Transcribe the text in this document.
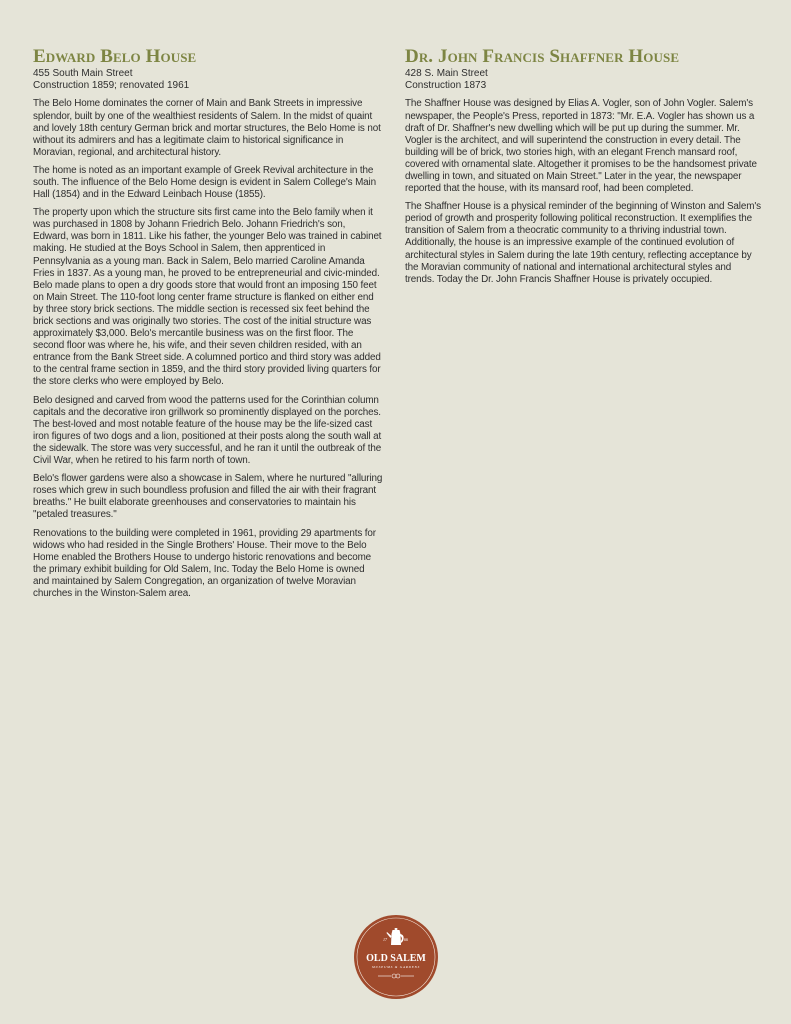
Edward Belo House
455 South Main Street
Construction 1859; renovated 1961

The Belo Home dominates the corner of Main and Bank Streets in impressive splendor, built by one of the wealthiest residents of Salem. In the midst of quaint and lovely 18th century German brick and mortar structures, the Belo Home is not without its admirers and has a legitimate claim to historical significance in Moravian, regional, and architectural history.

The home is noted as an important example of Greek Revival architecture in the south. The influence of the Belo Home design is evident in Salem College's Main Hall (1854) and in the Edward Leinbach House (1855).

The property upon which the structure sits first came into the Belo family when it was purchased in 1808 by Johann Friedrich Belo. Johann Friedrich's son, Edward, was born in 1811. Like his father, the younger Belo was trained in cabinet making. He studied at the Boys School in Salem, then apprenticed in Pennsylvania as a young man. Back in Salem, Belo married Caroline Amanda Fries in 1837. As a young man, he proved to be entrepreneurial and civic-minded. Belo made plans to open a dry goods store that would front an imposing 150 feet on Main Street. The 110-foot long center frame structure is flanked on either end by three story brick sections. The middle section is recessed six feet behind the brick sections and was originally two stories. The cost of the initial structure was approximately $3,000. Belo's mercantile business was on the first floor. The second floor was where he, his wife, and their seven children resided, with an entrance from the Bank Street side. A columned portico and third story was added to the central frame section in 1859, and the third story provided living quarters for the store clerks who were employed by Belo.

Belo designed and carved from wood the patterns used for the Corinthian column capitals and the decorative iron grillwork so prominently displayed on the porches. The best-loved and most notable feature of the house may be the life-sized cast iron figures of two dogs and a lion, positioned at their posts along the south wall at the sidewalk. The store was very successful, and he ran it until the outbreak of the Civil War, when he retired to his farm north of town.

Belo's flower gardens were also a showcase in Salem, where he nurtured "alluring roses which grew in such boundless profusion and filled the air with their fragrant breaths." He built elaborate greenhouses and conservatories to maintain his "petaled treasures."

Renovations to the building were completed in 1961, providing 29 apartments for widows who had resided in the Single Brothers' House. Their move to the Belo Home enabled the Brothers House to undergo historic renovations and become the primary exhibit building for Old Salem, Inc. Today the Belo Home is owned and maintained by Salem Congregation, an organization of twelve Moravian churches in the Winston-Salem area.

Dr. John Francis Shaffner House
428 S. Main Street
Construction 1873

The Shaffner House was designed by Elias A. Vogler, son of John Vogler. Salem's newspaper, the People's Press, reported in 1873: "Mr. E.A. Vogler has shown us a draft of Dr. Shaffner's new dwelling which will be put up during the summer. Mr. Vogler is the architect, and will superintend the construction in every detail. The building will be of brick, two stories high, with an elegant French mansard roof, covered with ornamental slate. Altogether it promises to be the handsomest private dwelling in town, and situated on Main Street." Later in the year, the newspaper reported that the house, with its mansard roof, had been completed.

The Shaffner House is a physical reminder of the beginning of Winston and Salem's period of growth and prosperity following political reconstruction. It exemplifies the transition of Salem from a theocratic community to a thriving industrial town. Additionally, the house is an impressive example of the continued evolution of architectural styles in Salem during the late 19th century, reflecting acceptance by the Moravian community of national and international architectural styles and trends. Today the Dr. John Francis Shaffner House is privately occupied.

17	66
OLD SALEM
MUSEUMS & GARDENS
